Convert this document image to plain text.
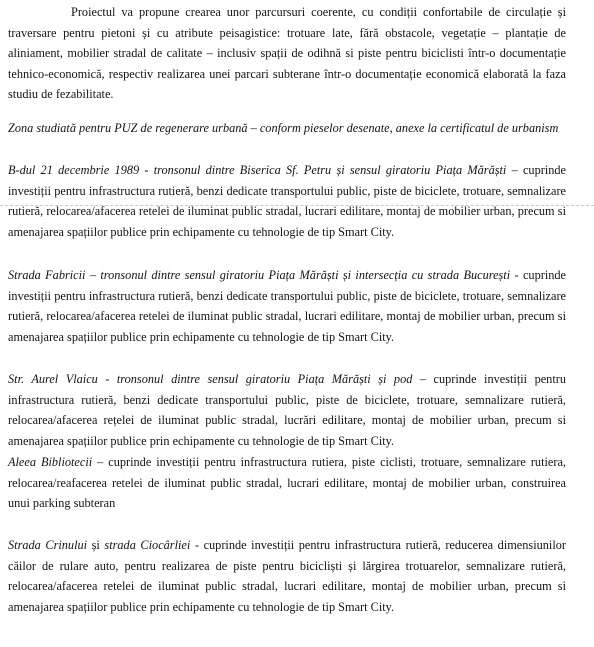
Proiectul va propune crearea unor parcursuri coerente, cu condiții confortabile de circulație și traversare pentru pietoni și cu atribute peisagistice: trotuare late, fără obstacole, vegetație – plantație de aliniament, mobilier stradal de calitate – inclusiv spații de odihnă si piste pentru biciclisti într-o documentație tehnico-economică, respectiv realizarea unei parcari subterane într-o documentație economică elaborată la faza studiu de fezabilitate.

Zona studiată pentru PUZ de regenerare urbană – conform pieselor desenate, anexe la certificatul de urbanism

B-dul 21 decembrie 1989 - tronsonul dintre Biserica Sf. Petru și sensul giratoriu Piața Mărăști – cuprinde investiții pentru infrastructura rutieră, benzi dedicate transportului public, piste de biciclete, trotuare, semnalizare rutieră, relocarea/afacerea retelei de iluminat public stradal, lucrari edilitare, montaj de mobilier urban, precum si amenajarea spațiilor publice prin echipamente cu tehnologie de tip Smart City.

Strada Fabricii – tronsonul dintre sensul giratoriu Piața Mărăști și intersecția cu strada București - cuprinde investiții pentru infrastructura rutieră, benzi dedicate transportului public, piste de biciclete, trotuare, semnalizare rutieră, relocarea/afacerea retelei de iluminat public stradal, lucrari edilitare, montaj de mobilier urban, precum si amenajarea spațiilor publice prin echipamente cu tehnologie de tip Smart City.

Str. Aurel Vlaicu - tronsonul dintre sensul giratoriu Piața Mărăști și pod – cuprinde investiții pentru infrastructura rutieră, benzi dedicate transportului public, piste de biciclete, trotuare, semnalizare rutieră, relocarea/afacerea rețelei de iluminat public stradal, lucrări edilitare, montaj de mobilier urban, precum si amenajarea spațiilor publice prin echipamente cu tehnologie de tip Smart City.

Aleea Bibliotecii – cuprinde investiții pentru infrastructura rutiera, piste ciclisti, trotuare, semnalizare rutiera, relocarea/reafacerea retelei de iluminat public stradal, lucrari edilitare, montaj de mobilier urban, construirea unui parking subteran

Strada Crinului și strada Ciocârliei - cuprinde investiții pentru infrastructura rutieră, reducerea dimensiunilor căilor de rulare auto, pentru realizarea de piste pentru bicicliști și lărgirea trotuarelor, semnalizare rutieră, relocarea/afacerea retelei de iluminat public stradal, lucrari edilitare, montaj de mobilier urban, precum si amenajarea spațiilor publice prin echipamente cu tehnologie de tip Smart City.
